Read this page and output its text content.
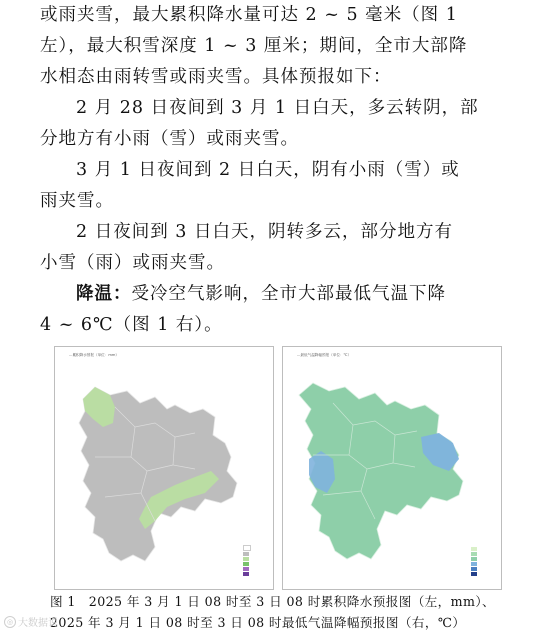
或雨夹雪，最大累积降水量可达 2 ~ 5 毫米（图 1
左），最大积雪深度 1 ~ 3 厘米；期间，全市大部降
水相态由雨转雪或雨夹雪。具体预报如下：
2 月 28 日夜间到 3 月 1 日白天，多云转阴，部
分地方有小雨（雪）或雨夹雪。
3 月 1 日夜间到 2 日白天，阴有小雨（雪）或
雨夹雪。
2 日夜间到 3 日白天，阴转多云，部分地方有
小雪（雨）或雨夹雪。
降温：受冷空气影响，全市大部最低气温下降
4 ~ 6℃（图 1 右）。
...累积降水预报（单位：mm）	...最低气温降幅预报（单位：℃）
图 1　2025 年 3 月 1 日 08 时至 3 日 08 时累积降水预报图（左，mm）、
2025 年 3 月 1 日 08 时至 3 日 08 时最低气温降幅预报图（右，℃）
◎ 大数据说
